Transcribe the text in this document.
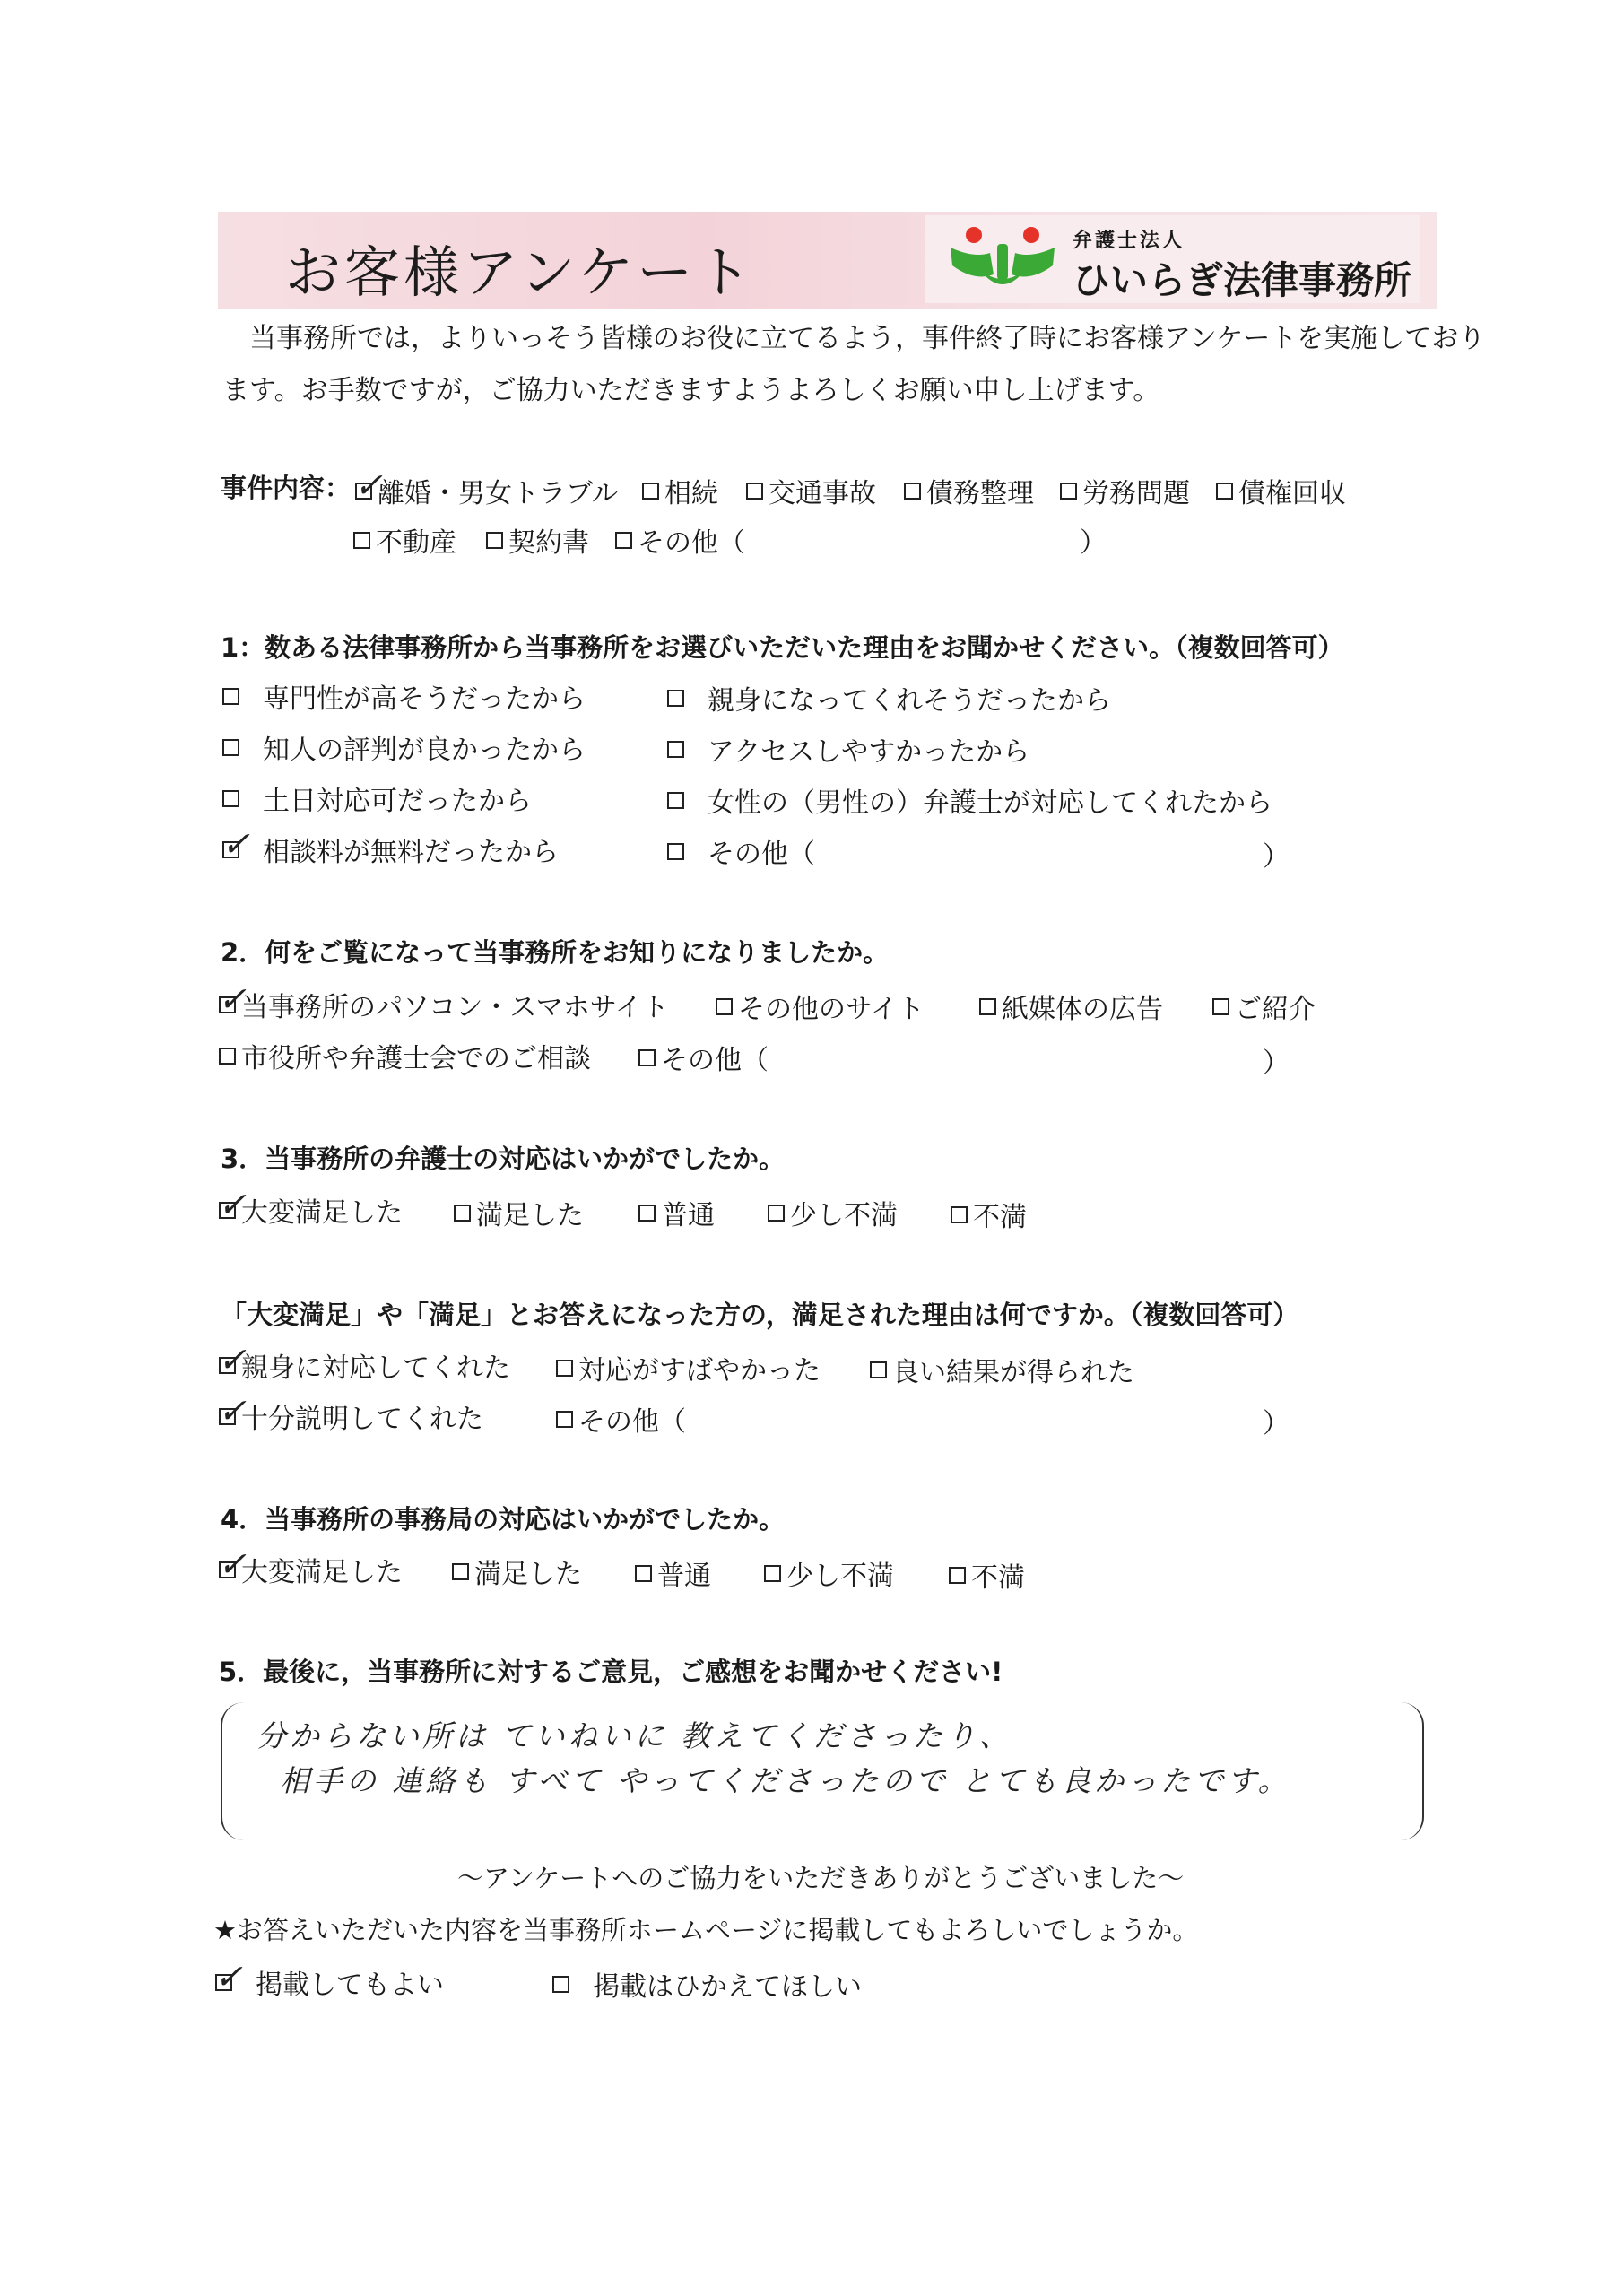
お客様アンケート	弁護士法人
ひいらぎ法律事務所
当事務所では，よりいっそう皆様のお役に立てるよう，事件終了時にお客様アンケートを実施しており
ます。お手数ですが，ご協力いただきますようよろしくお願い申し上げます。
事件内容： ✓
離婚・男女トラブル 相続 交通事故 債務整理 労務問題 債権回収
不動産 契約書 その他（	）
1：数ある法律事務所から当事務所をお選びいただいた理由をお聞かせください。（複数回答可）
専門性が高そうだったから	親身になってくれそうだったから
知人の評判が良かったから	アクセスしやすかったから
土日対応可だったから	女性の（男性の）弁護士が対応してくれたから
✓ 相談料が無料だったから	その他（	）
2．何をご覧になって当事務所をお知りになりましたか。
✓
当事務所のパソコン・スマホサイト	その他のサイト	紙媒体の広告	ご紹介
市役所や弁護士会でのご相談	その他（	）
3．当事務所の弁護士の対応はいかがでしたか。
✓
大変満足した	満足した	普通	少し不満	不満
「大変満足」や「満足」とお答えになった方の，満足された理由は何ですか。（複数回答可）
✓
親身に対応してくれた	対応がすばやかった	良い結果が得られた
✓
十分説明してくれた	その他（	）
4．当事務所の事務局の対応はいかがでしたか。
✓
大変満足した	満足した	普通	少し不満	不満
5．最後に，当事務所に対するご意見，ご感想をお聞かせください!
分からない所は ていねいに 教えてくださったり、
相手の 連絡も すべて やってくださったので とても良かったです。
～アンケートへのご協力をいただきありがとうございました～
★お答えいただいた内容を当事務所ホームページに掲載してもよろしいでしょうか。
✓ 掲載してもよい	掲載はひかえてほしい
